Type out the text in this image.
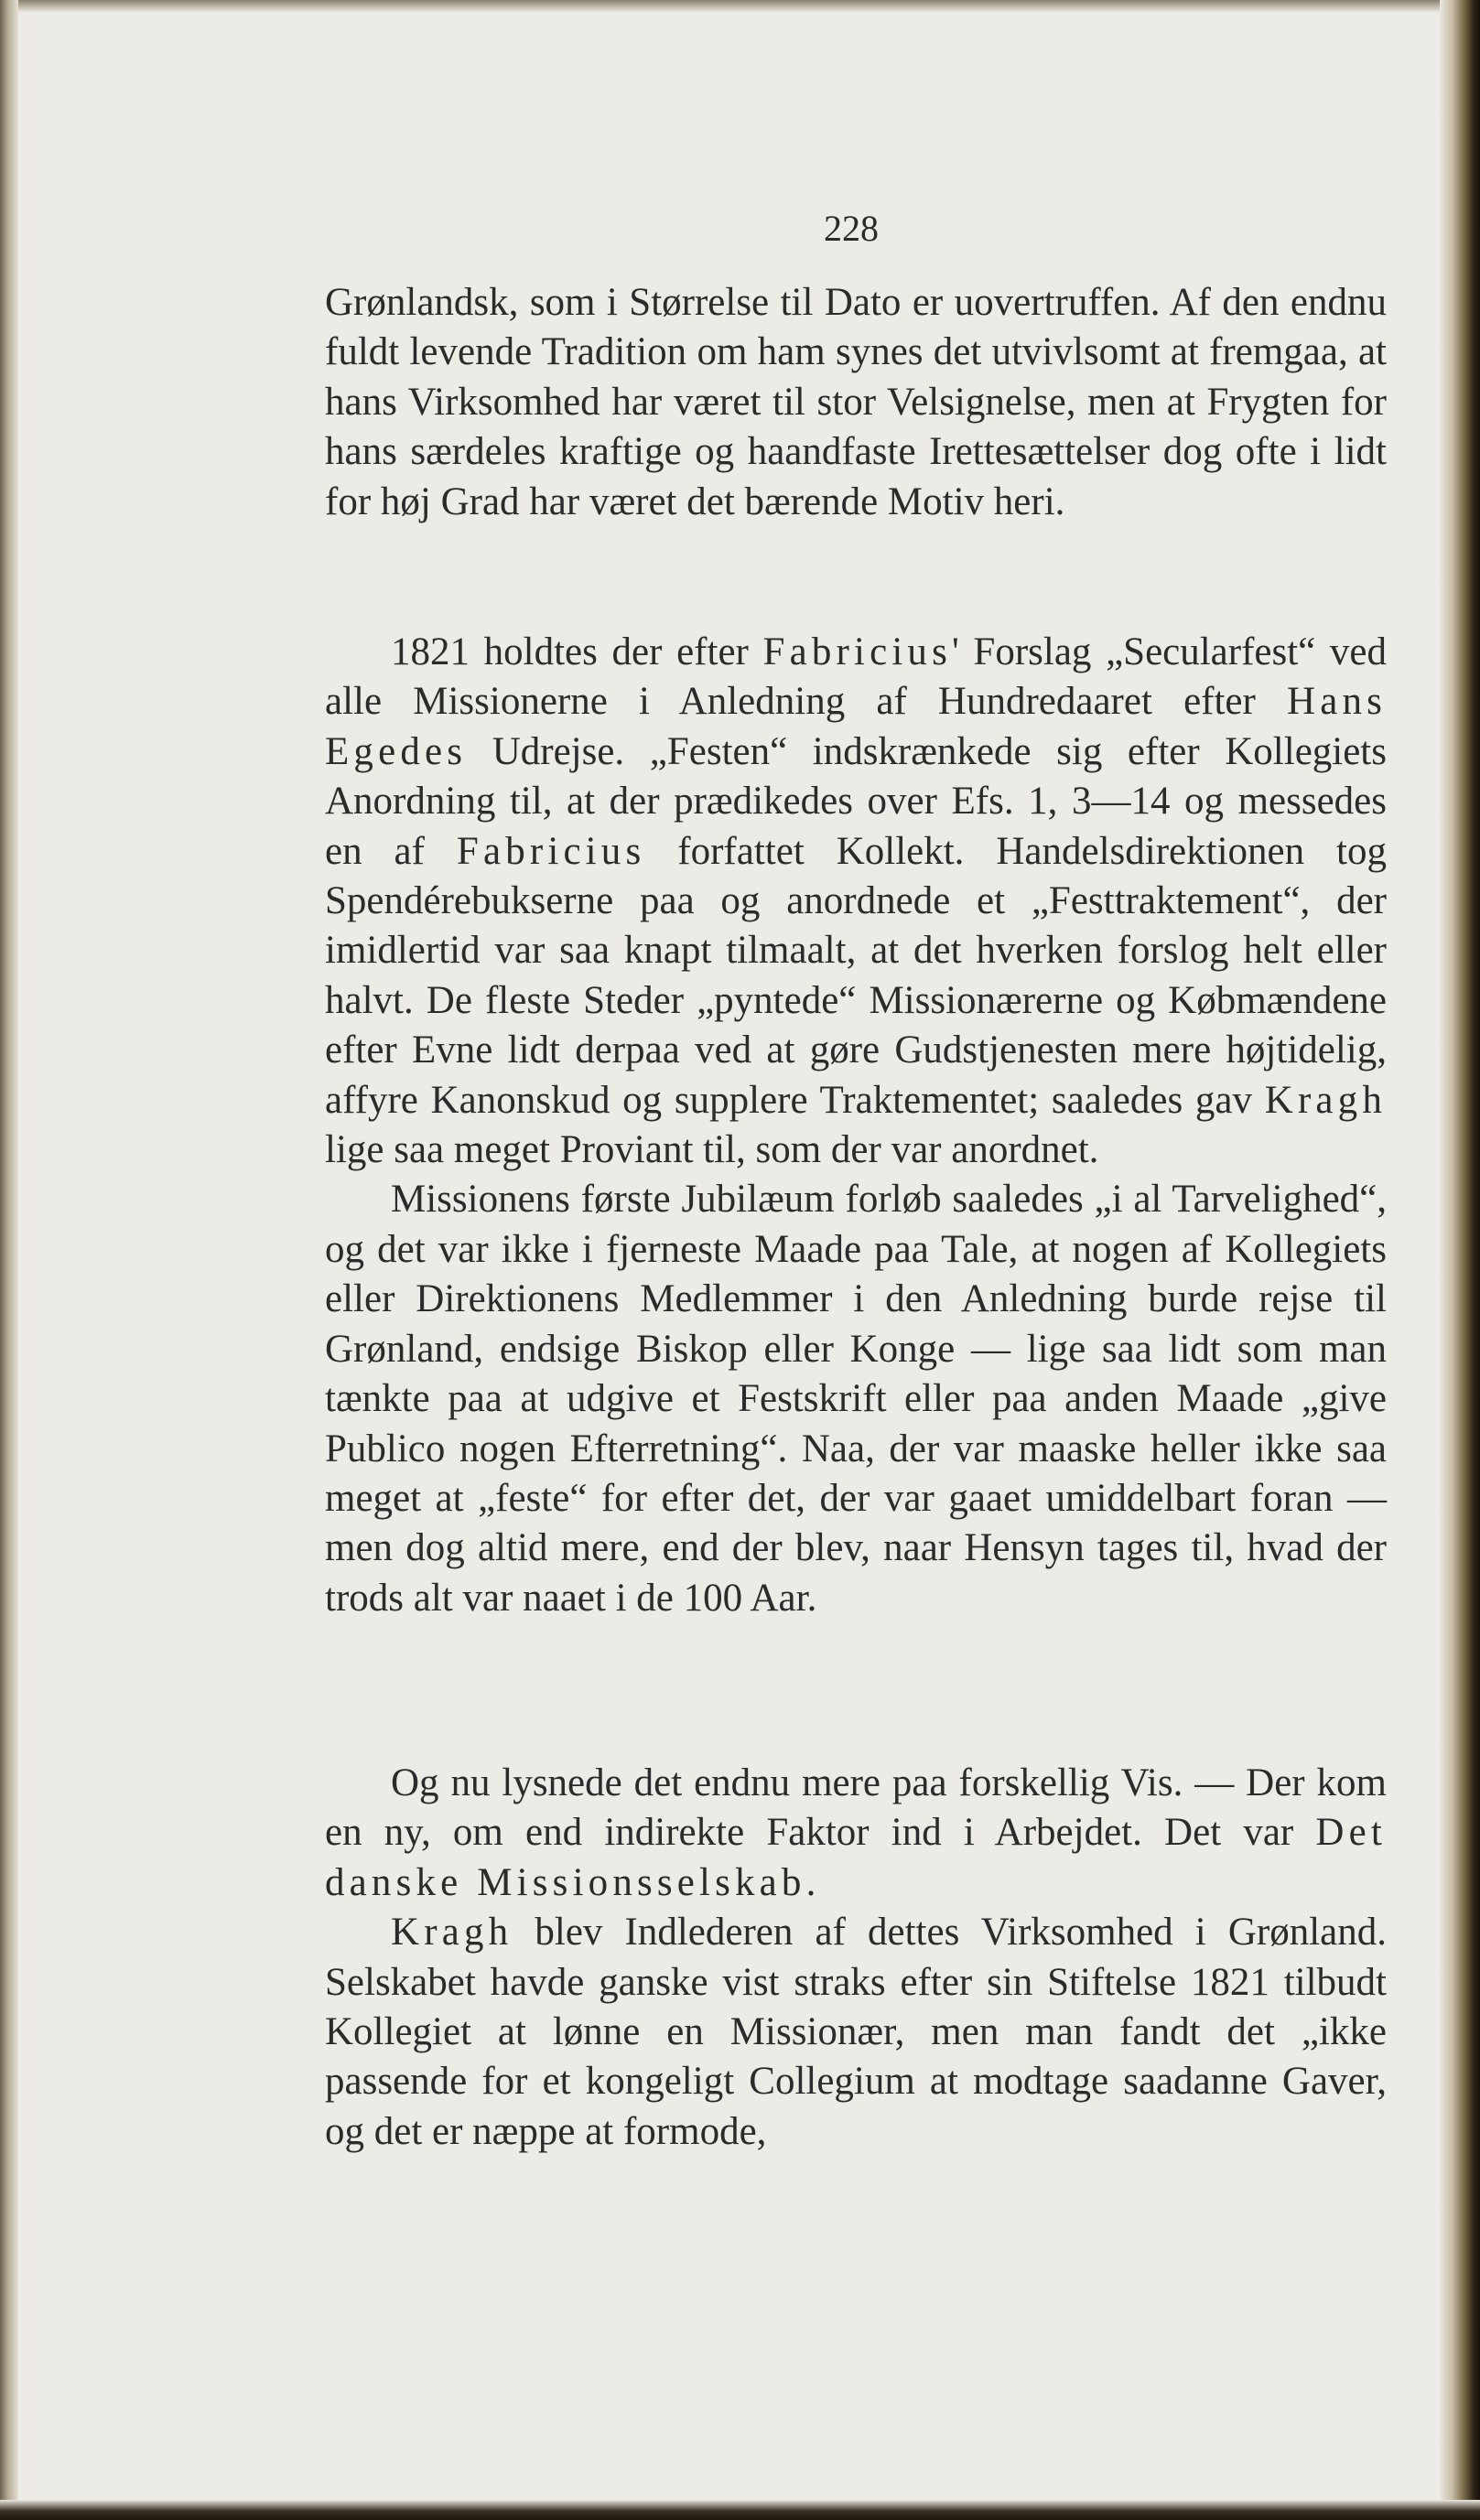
228

Grønlandsk, som i Størrelse til Dato er uovertruffen. Af den endnu fuldt levende Tradition om ham synes det utvivlsomt at fremgaa, at hans Virksomhed har været til stor Velsignelse, men at Frygten for hans særdeles kraftige og haandfaste Irettesættelser dog ofte i lidt for høj Grad har været det bærende Motiv heri.

1821 holdtes der efter Fabricius' Forslag „Secularfest“ ved alle Missionerne i Anledning af Hundredaaret efter Hans Egedes Udrejse. „Festen“ indskrænkede sig efter Kollegiets Anordning til, at der prædikedes over Efs. 1, 3—14 og messedes en af Fabricius forfattet Kollekt. Handelsdirektionen tog Spendérebukserne paa og anordnede et „Festtraktement“, der imidlertid var saa knapt tilmaalt, at det hverken forslog helt eller halvt. De fleste Steder „pyntede“ Missionærerne og Købmændene efter Evne lidt derpaa ved at gøre Gudstjenesten mere højtidelig, affyre Kanonskud og supplere Traktementet; saaledes gav Kragh lige saa meget Proviant til, som der var anordnet.

Missionens første Jubilæum forløb saaledes „i al Tarvelighed“, og det var ikke i fjerneste Maade paa Tale, at nogen af Kollegiets eller Direktionens Medlemmer i den Anledning burde rejse til Grønland, endsige Biskop eller Konge — lige saa lidt som man tænkte paa at udgive et Festskrift eller paa anden Maade „give Publico nogen Efterretning“. Naa, der var maaske heller ikke saa meget at „feste“ for efter det, der var gaaet umiddelbart foran — men dog altid mere, end der blev, naar Hensyn tages til, hvad der trods alt var naaet i de 100 Aar.

Og nu lysnede det endnu mere paa forskellig Vis. — Der kom en ny, om end indirekte Faktor ind i Arbejdet. Det var Det danske Missionsselskab.

Kragh blev Indlederen af dettes Virksomhed i Grønland. Selskabet havde ganske vist straks efter sin Stiftelse 1821 tilbudt Kollegiet at lønne en Missionær, men man fandt det „ikke passende for et kongeligt Collegium at modtage saadanne Gaver, og det er næppe at formode,
